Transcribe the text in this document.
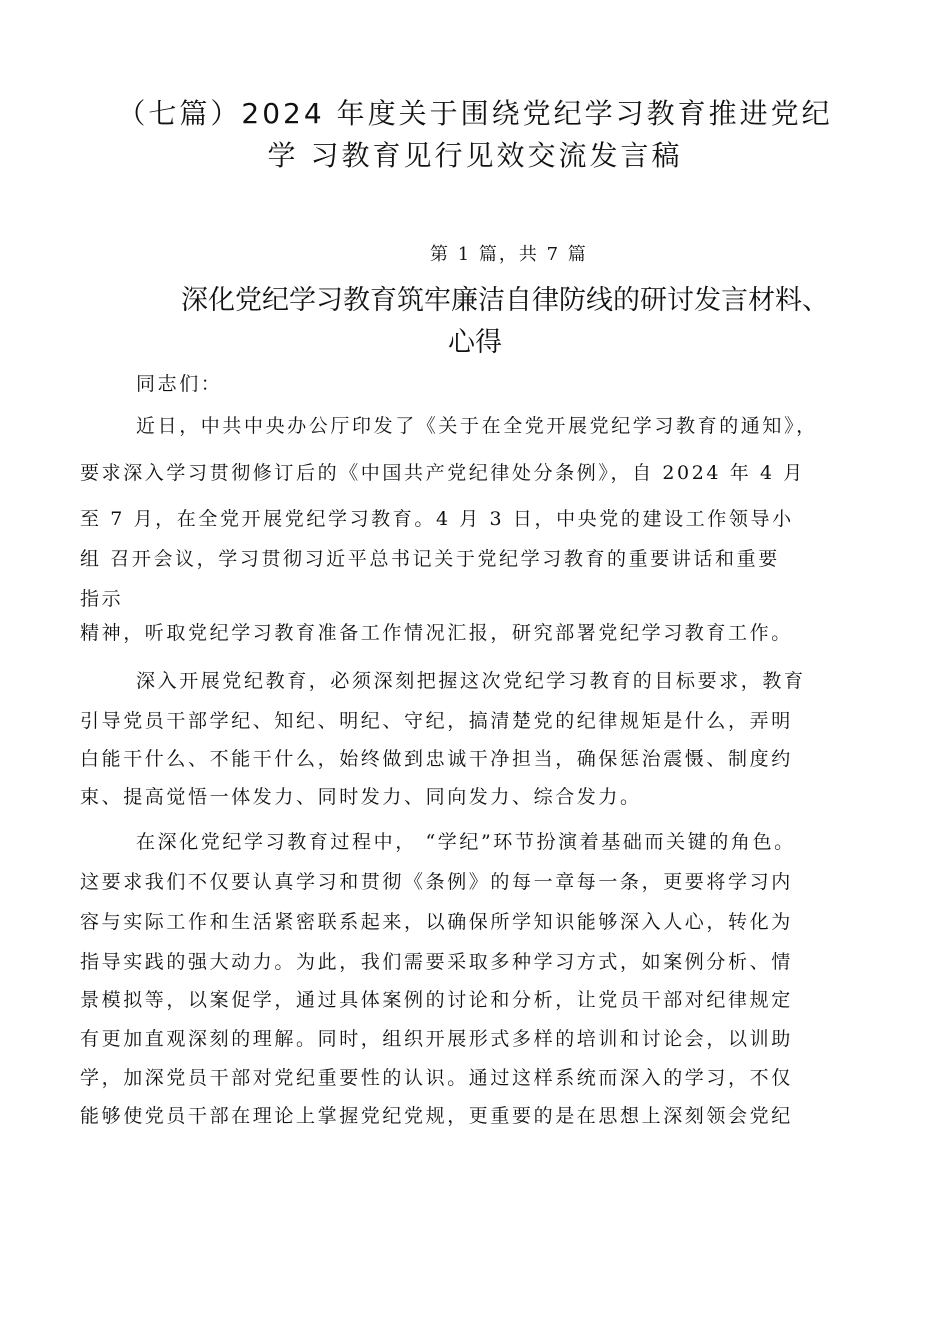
（七篇）2024 年度关于围绕党纪学习教育推进党纪
学 习教育见行见效交流发言稿
第 1 篇，共 7 篇
深化党纪学习教育筑牢廉洁自律防线的研讨发言材料、
心得
同志们：
近日，中共中央办公厅印发了《关于在全党开展党纪学习教育的通知》，
要求深入学习贯彻修订后的《中国共产党纪律处分条例》，自 2024 年 4 月
至 7 月，在全党开展党纪学习教育。4 月 3 日，中央党的建设工作领导小
组 召开会议，学习贯彻习近平总书记关于党纪学习教育的重要讲话和重要
指示
精神，听取党纪学习教育准备工作情况汇报，研究部署党纪学习教育工作。
深入开展党纪教育，必须深刻把握这次党纪学习教育的目标要求，教育
引导党员干部学纪、知纪、明纪、守纪，搞清楚党的纪律规矩是什么，弄明
白能干什么、不能干什么，始终做到忠诚干净担当，确保惩治震慑、制度约
束、提高觉悟一体发力、同时发力、同向发力、综合发力。
在深化党纪学习教育过程中， “学纪”环节扮演着基础而关键的角色。
这要求我们不仅要认真学习和贯彻《条例》的每一章每一条，更要将学习内
容与实际工作和生活紧密联系起来，以确保所学知识能够深入人心，转化为
指导实践的强大动力。为此，我们需要采取多种学习方式，如案例分析、情
景模拟等，以案促学，通过具体案例的讨论和分析，让党员干部对纪律规定
有更加直观深刻的理解。同时，组织开展形式多样的培训和讨论会，以训助
学，加深党员干部对党纪重要性的认识。通过这样系统而深入的学习，不仅
能够使党员干部在理论上掌握党纪党规，更重要的是在思想上深刻领会党纪
